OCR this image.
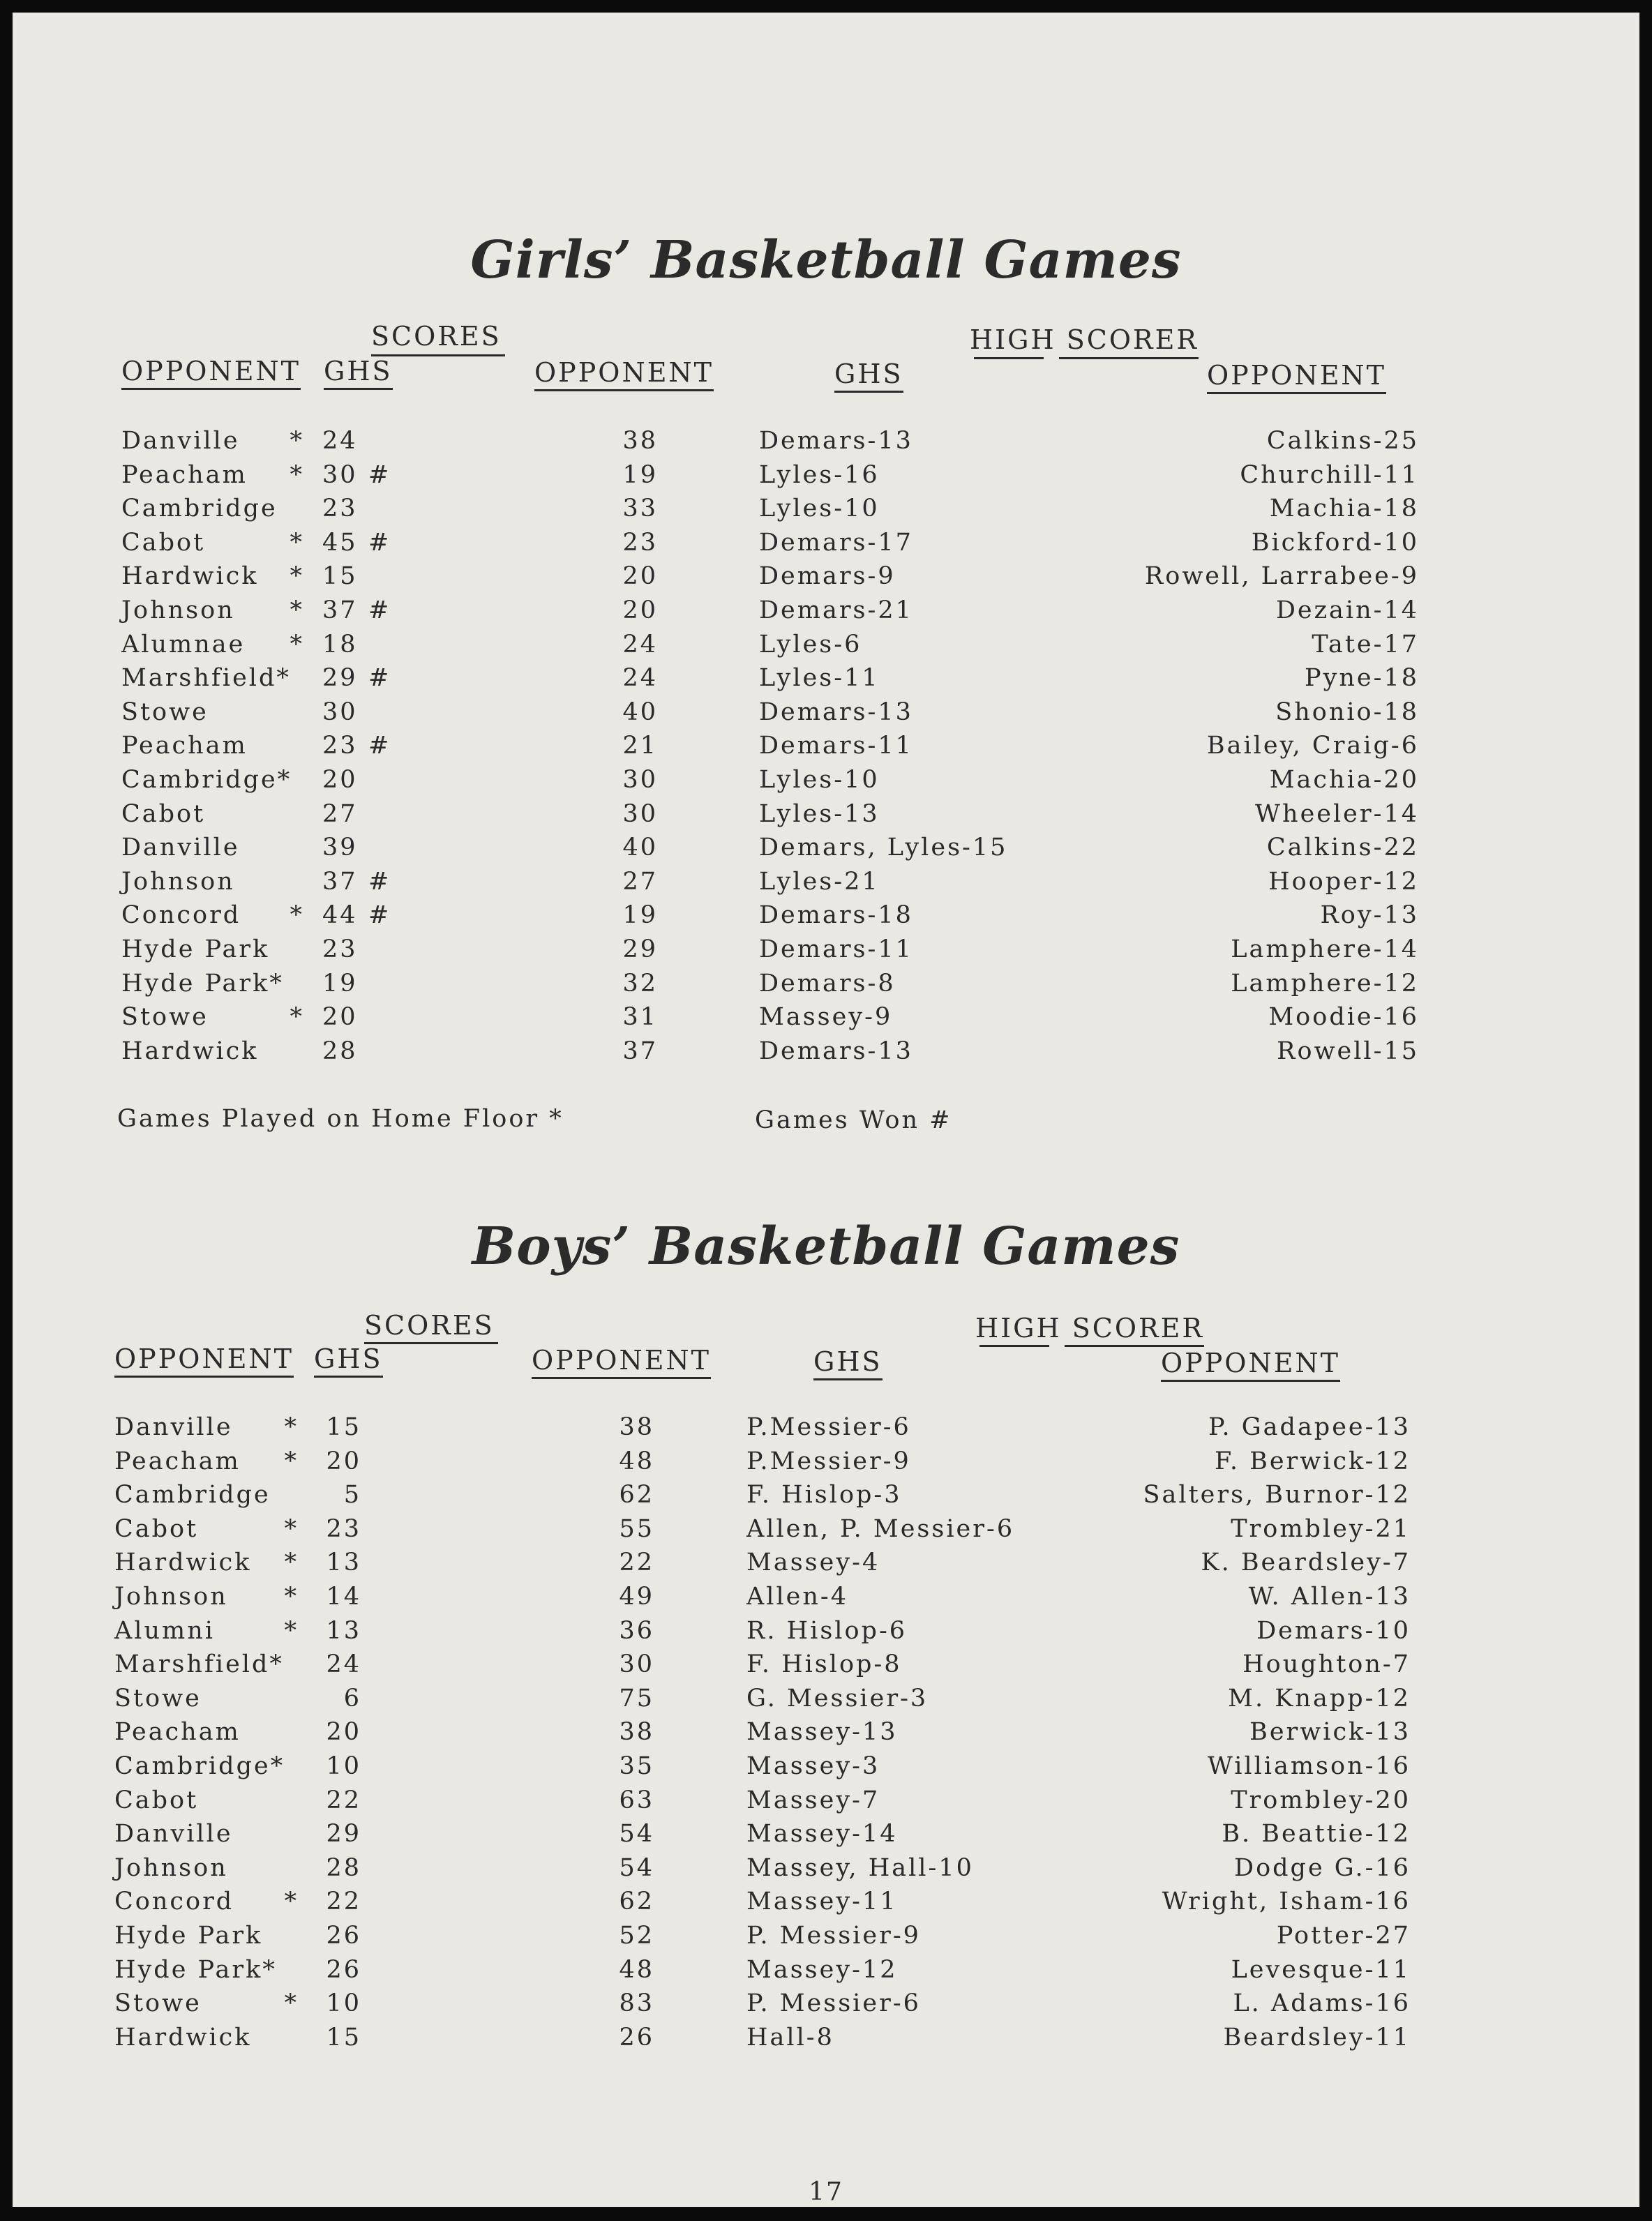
Girls’ Basketball Games
SCORES	HIGH SCORER
OPPONENT GHS	OPPONENT	GHS	OPPONENT
Danville * 24	38	Demars-13	Calkins-25
Peacham * 30 #	19	Lyles-16	Churchill-11
Cambridge 23	33	Lyles-10	Machia-18
Cabot	* 45 #	23	Demars-17	Bickford-10
Hardwick * 15	20	Demars-9	Rowell, Larrabee-9
Johnson * 37 #	20	Demars-21	Dezain-14
Alumnae * 18	24	Lyles-6	Tate-17
Marshfield* 29 #	24	Lyles-11	Pyne-18
Stowe	30	40	Demars-13	Shonio-18
Peacham	23 #	21	Demars-11	Bailey, Craig-6
Cambridge* 20	30	Lyles-10	Machia-20
Cabot	27	30	Lyles-13	Wheeler-14
Danville	39	40	Demars, Lyles-15	Calkins-22
Johnson	37 #	27	Lyles-21	Hooper-12
Concord * 44 #	19	Demars-18	Roy-13
Hyde Park 23	29	Demars-11	Lamphere-14
Hyde Park* 19	32	Demars-8	Lamphere-12
Stowe	* 20	31	Massey-9	Moodie-16
Hardwick	28	37	Demars-13	Rowell-15
Games Played on Home Floor *	Games Won #
Boys’ Basketball Games
SCORES	HIGH SCORER
OPPONENT GHS	OPPONENT	GHS	OPPONENT
Danville *	15	38	P.Messier-6	P. Gadapee-13
Peacham *	20	48	P.Messier-9	F. Berwick-12
Cambridge	5	62	F. Hislop-3	Salters, Burnor-12
Cabot	*	23	55	Allen, P. Messier-6	Trombley-21
Hardwick *	13	22	Massey-4	K. Beardsley-7
Johnson *	14	49	Allen-4	W. Allen-13
Alumni	*	13	36	R. Hislop-6	Demars-10
Marshfield*	24	30	F. Hislop-8	Houghton-7
Stowe	6	75	G. Messier-3	M. Knapp-12
Peacham	20	38	Massey-13	Berwick-13
Cambridge*	10	35	Massey-3	Williamson-16
Cabot	22	63	Massey-7	Trombley-20
Danville	29	54	Massey-14	B. Beattie-12
Johnson	28	54	Massey, Hall-10	Dodge G.-16
Concord *	22	62	Massey-11	Wright, Isham-16
Hyde Park	26	52	P. Messier-9	Potter-27
Hyde Park*	26	48	Massey-12	Levesque-11
Stowe	*	10	83	P. Messier-6	L. Adams-16
Hardwick	15	26	Hall-8	Beardsley-11
17
